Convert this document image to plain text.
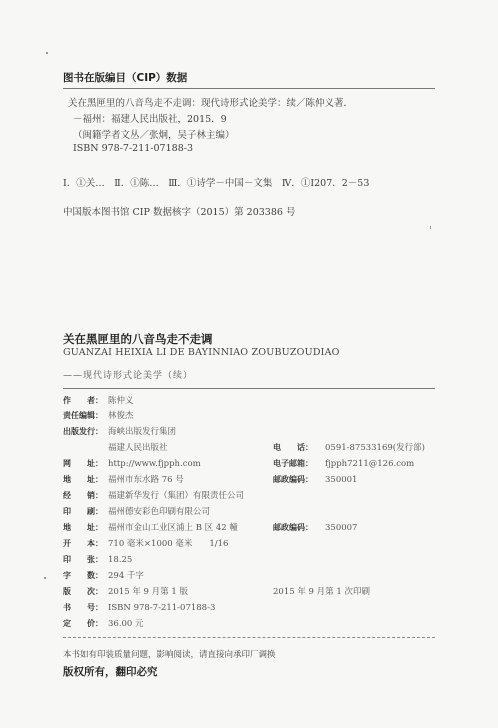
图书在版编目（CIP）数据
关在黑匣里的八音鸟走不走调：现代诗形式论美学：续／陈仲义著．
－福州：福建人民出版社，2015．9
（闽籍学者文丛／张炯，吴子林主编）
ISBN 978-7-211-07188-3
Ⅰ．①关…　Ⅱ．①陈…　Ⅲ．①诗学－中国－文集　Ⅳ．①I207．2－53
中国版本图书馆 CIP 数据核字（2015）第 203386 号
关在黑匣里的八音鸟走不走调
GUANZAI HEIXIA LI DE BAYINNIAO ZOUBUZOUDIAO
——现代诗形式论美学（续）
作　　者： 陈仲义
责任编辑： 林俊杰
出版发行： 海峡出版发行集团
福建人民出版社	电　　话： 0591-87533169(发行部)
网　　址： http://www.fjpph.com	电子邮箱： fjpph7211@126.com
地　　址： 福州市东水路 76 号	邮政编码： 350001
经　　销： 福建新华发行（集团）有限责任公司
印　　刷： 福州德安彩色印刷有限公司
地　　址： 福州市金山工业区浦上 B 区 42 幢	邮政编码： 350007
开　　本： 710 毫米×1000 毫米　　1/16
印　　张： 18.25
字　　数： 294 千字
版　　次： 2015 年 9 月第 1 版	2015 年 9 月第 1 次印刷
书　　号： ISBN 978-7-211-07188-3
定　　价： 36.00 元
本书如有印装质量问题，影响阅读，请直接向承印厂调换
版权所有，翻印必究
